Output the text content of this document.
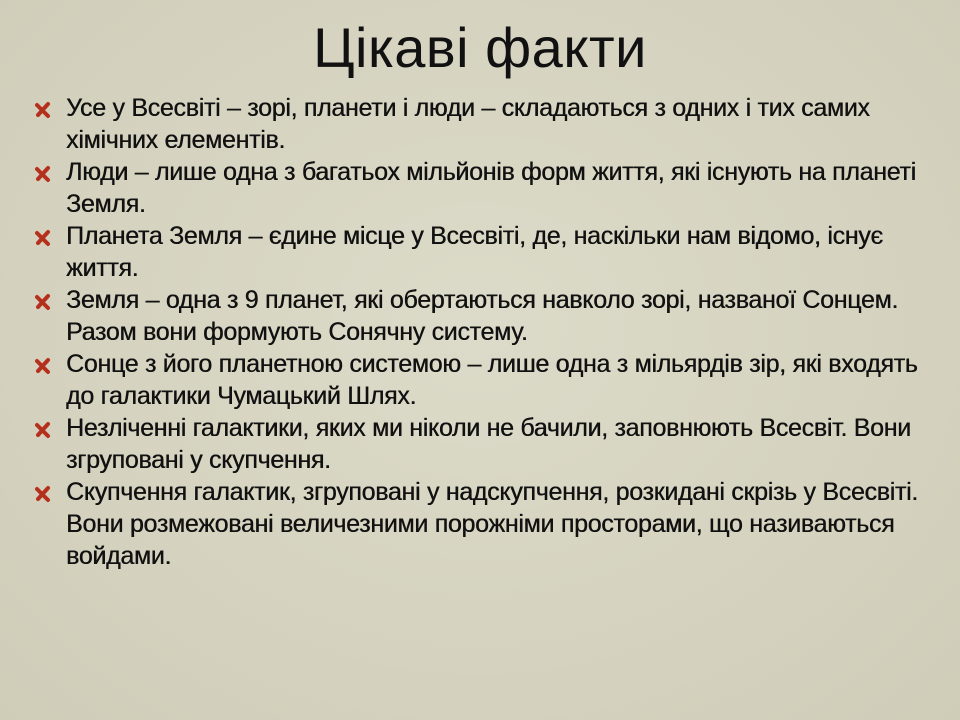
Цікаві факти
Усе у Всесвіті – зорі, планети і люди – складаються з одних і тих самих хімічних елементів.
Люди – лише одна з багатьох мільйонів форм життя, які існують на планеті Земля.
Планета Земля – єдине місце у Всесвіті, де, наскільки нам відомо, існує життя.
Земля – одна з 9 планет, які обертаються навколо зорі, названої Сонцем. Разом вони формують Сонячну систему.
Сонце з його планетною системою – лише одна з мільярдів зір, які входять до галактики Чумацький Шлях.
Незліченні галактики, яких ми ніколи не бачили, заповнюють Всесвіт. Вони згруповані у скупчення.
Скупчення галактик, згруповані у надскупчення, розкидані скрізь у Всесвіті. Вони розмежовані величезними порожніми просторами, що називаються войдами.
